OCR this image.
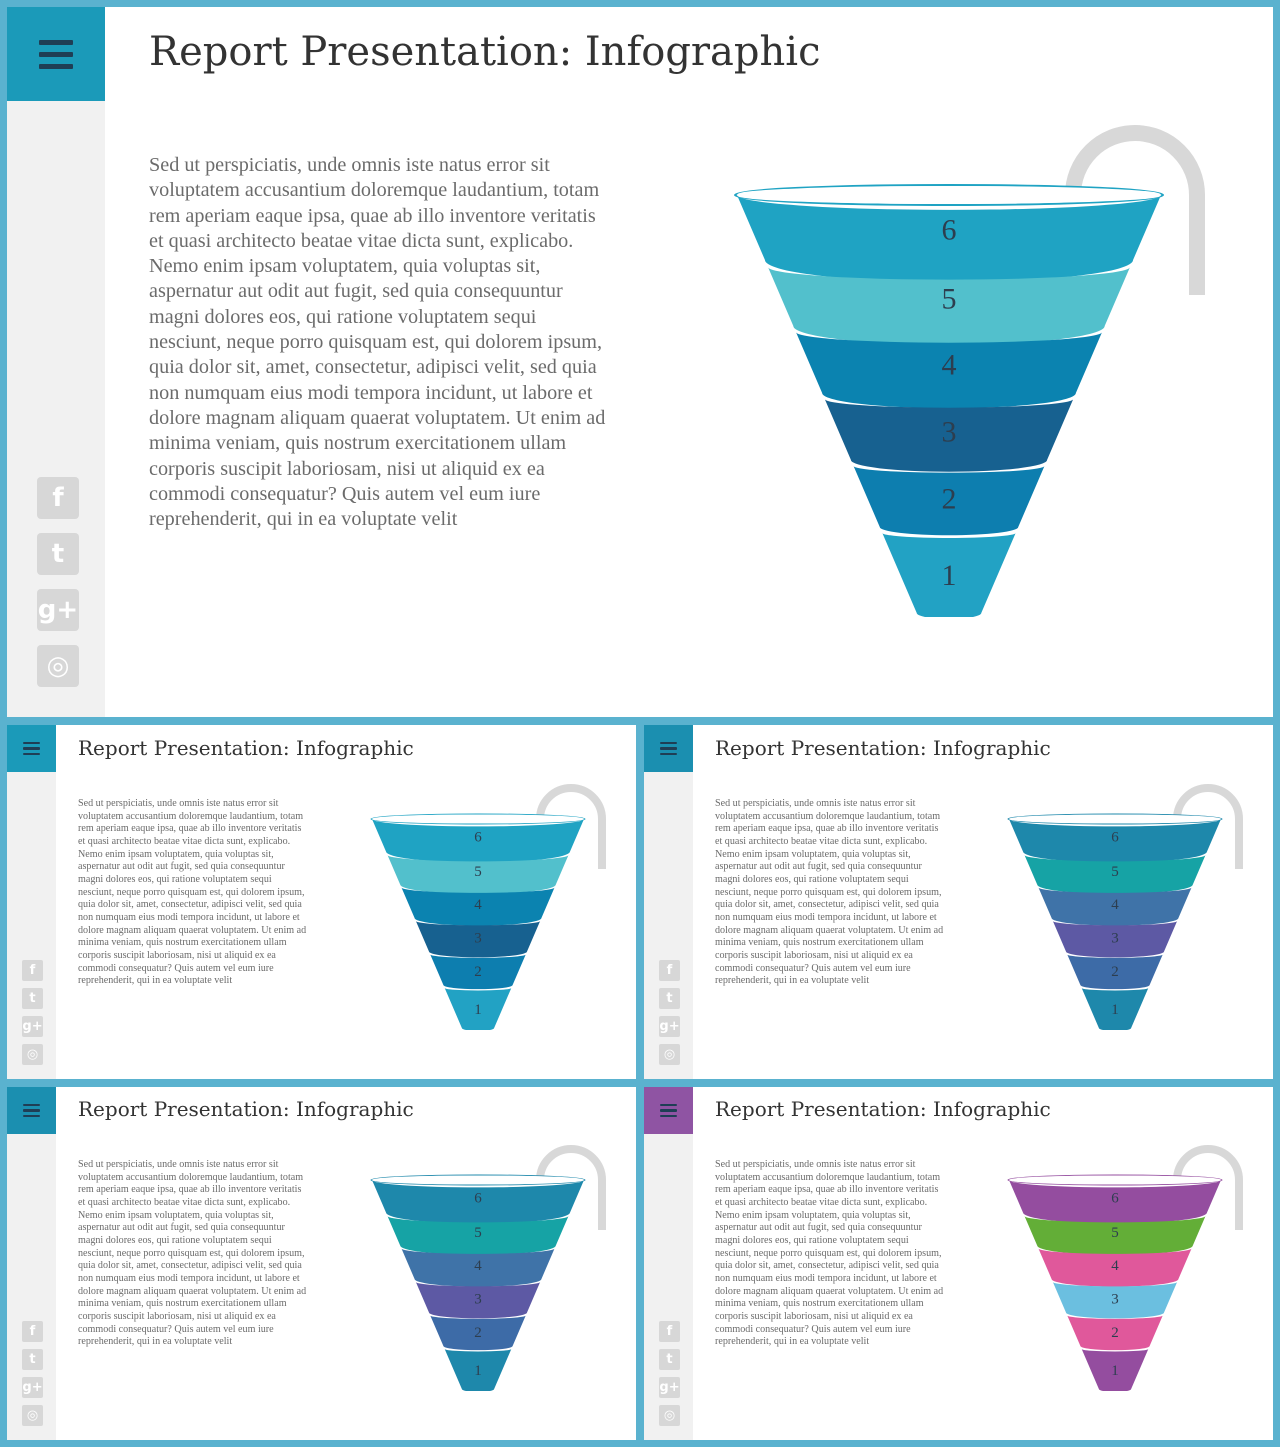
Report Presentation: Infographic

Sed ut perspiciatis, unde omnis iste natus error sit voluptatem accusantium doloremque laudantium, totam rem aperiam eaque ipsa, quae ab illo inventore veritatis et quasi architecto beatae vitae dicta sunt, explicabo. Nemo enim ipsam voluptatem, quia voluptas sit, aspernatur aut odit aut fugit, sed quia consequuntur magni dolores eos, qui ratione voluptatem sequi nesciunt, neque porro quisquam est, qui dolorem ipsum, quia dolor sit, amet, consectetur, adipisci velit, sed quia non numquam eius modi tempora incidunt, ut labore et dolore magnam aliquam quaerat voluptatem. Ut enim ad minima veniam, quis nostrum exercitationem ullam corporis suscipit laboriosam, nisi ut aliquid ex ea commodi consequatur? Quis autem vel eum iure reprehenderit, qui in ea voluptate velit

f
t
g+
◎
6
5
4
3
2
1
Report Presentation: Infographic

Sed ut perspiciatis, unde omnis iste natus error sit voluptatem accusantium doloremque laudantium, totam rem aperiam eaque ipsa, quae ab illo inventore veritatis et quasi architecto beatae vitae dicta sunt, explicabo. Nemo enim ipsam voluptatem, quia voluptas sit, aspernatur aut odit aut fugit, sed quia consequuntur magni dolores eos, qui ratione voluptatem sequi nesciunt, neque porro quisquam est, qui dolorem ipsum, quia dolor sit, amet, consectetur, adipisci velit, sed quia non numquam eius modi tempora incidunt, ut labore et dolore magnam aliquam quaerat voluptatem. Ut enim ad minima veniam, quis nostrum exercitationem ullam corporis suscipit laboriosam, nisi ut aliquid ex ea commodi consequatur? Quis autem vel eum iure reprehenderit, qui in ea voluptate velit

f
t
g+
◎
6
5
4
3
2
1
Report Presentation: Infographic

Sed ut perspiciatis, unde omnis iste natus error sit voluptatem accusantium doloremque laudantium, totam rem aperiam eaque ipsa, quae ab illo inventore veritatis et quasi architecto beatae vitae dicta sunt, explicabo. Nemo enim ipsam voluptatem, quia voluptas sit, aspernatur aut odit aut fugit, sed quia consequuntur magni dolores eos, qui ratione voluptatem sequi nesciunt, neque porro quisquam est, qui dolorem ipsum, quia dolor sit, amet, consectetur, adipisci velit, sed quia non numquam eius modi tempora incidunt, ut labore et dolore magnam aliquam quaerat voluptatem. Ut enim ad minima veniam, quis nostrum exercitationem ullam corporis suscipit laboriosam, nisi ut aliquid ex ea commodi consequatur? Quis autem vel eum iure reprehenderit, qui in ea voluptate velit

f
t
g+
◎
6
5
4
3
2
1
Report Presentation: Infographic

Sed ut perspiciatis, unde omnis iste natus error sit voluptatem accusantium doloremque laudantium, totam rem aperiam eaque ipsa, quae ab illo inventore veritatis et quasi architecto beatae vitae dicta sunt, explicabo. Nemo enim ipsam voluptatem, quia voluptas sit, aspernatur aut odit aut fugit, sed quia consequuntur magni dolores eos, qui ratione voluptatem sequi nesciunt, neque porro quisquam est, qui dolorem ipsum, quia dolor sit, amet, consectetur, adipisci velit, sed quia non numquam eius modi tempora incidunt, ut labore et dolore magnam aliquam quaerat voluptatem. Ut enim ad minima veniam, quis nostrum exercitationem ullam corporis suscipit laboriosam, nisi ut aliquid ex ea commodi consequatur? Quis autem vel eum iure reprehenderit, qui in ea voluptate velit

f
t
g+
◎
6
5
4
3
2
1
Report Presentation: Infographic

Sed ut perspiciatis, unde omnis iste natus error sit voluptatem accusantium doloremque laudantium, totam rem aperiam eaque ipsa, quae ab illo inventore veritatis et quasi architecto beatae vitae dicta sunt, explicabo. Nemo enim ipsam voluptatem, quia voluptas sit, aspernatur aut odit aut fugit, sed quia consequuntur magni dolores eos, qui ratione voluptatem sequi nesciunt, neque porro quisquam est, qui dolorem ipsum, quia dolor sit, amet, consectetur, adipisci velit, sed quia non numquam eius modi tempora incidunt, ut labore et dolore magnam aliquam quaerat voluptatem. Ut enim ad minima veniam, quis nostrum exercitationem ullam corporis suscipit laboriosam, nisi ut aliquid ex ea commodi consequatur? Quis autem vel eum iure reprehenderit, qui in ea voluptate velit

f
t
g+
◎
6
5
4
3
2
1
